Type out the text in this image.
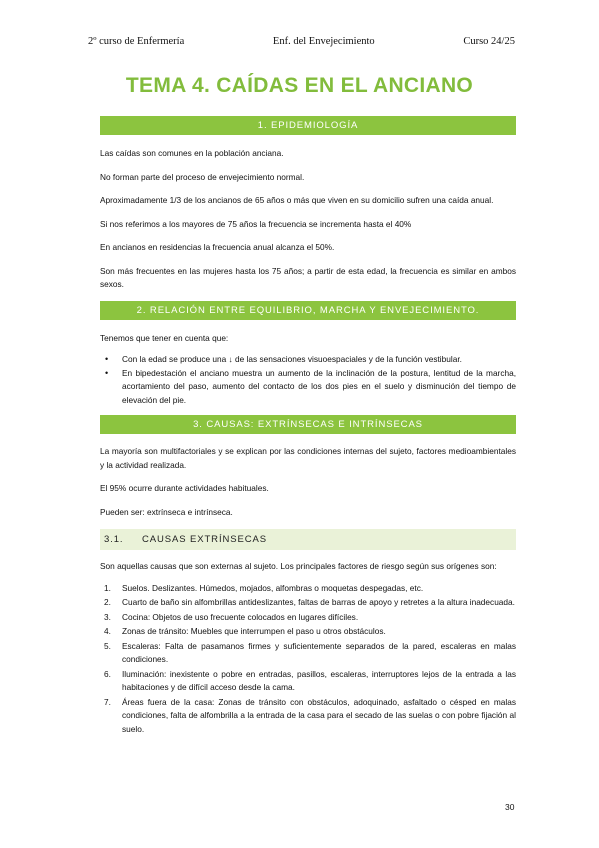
2º curso de Enfermería	Enf. del Envejecimiento	Curso 24/25
TEMA 4. CAÍDAS EN EL ANCIANO
1. EPIDEMIOLOGÍA

Las caídas son comunes en la población anciana.

No forman parte del proceso de envejecimiento normal.

Aproximadamente 1/3 de los ancianos de 65 años o más que viven en su domicilio sufren una caída anual.

Si nos referimos a los mayores de 75 años la frecuencia se incrementa hasta el 40%

En ancianos en residencias la frecuencia anual alcanza el 50%.

Son más frecuentes en las mujeres hasta los 75 años; a partir de esta edad, la frecuencia es similar en ambos sexos.

2. RELACIÓN ENTRE EQUILIBRIO, MARCHA Y ENVEJECIMIENTO.

Tenemos que tener en cuenta que:

• Con la edad se produce una ↓ de las sensaciones visuoespaciales y de la función vestibular.
• En bipedestación el anciano muestra un aumento de la inclinación de la postura, lentitud de la marcha, acortamiento del paso, aumento del contacto de los dos pies en el suelo y disminución del tiempo de elevación del pie.
3. CAUSAS: EXTRÍNSECAS E INTRÍNSECAS

La mayoría son multifactoriales y se explican por las condiciones internas del sujeto, factores medioambientales y la actividad realizada.

El 95% ocurre durante actividades habituales.

Pueden ser: extrínseca e intrínseca.

3.1. CAUSAS EXTRÍNSECAS

Son aquellas causas que son externas al sujeto. Los principales factores de riesgo según sus orígenes son:

1. Suelos. Deslizantes. Húmedos, mojados, alfombras o moquetas despegadas, etc.
2. Cuarto de baño sin alfombrillas antideslizantes, faltas de barras de apoyo y retretes a la altura inadecuada.
3. Cocina: Objetos de uso frecuente colocados en lugares difíciles.
4. Zonas de tránsito: Muebles que interrumpen el paso u otros obstáculos.
5. Escaleras: Falta de pasamanos firmes y suficientemente separados de la pared, escaleras en malas condiciones.
6. Iluminación: inexistente o pobre en entradas, pasillos, escaleras, interruptores lejos de la entrada a las habitaciones y de difícil acceso desde la cama.
7. Áreas fuera de la casa: Zonas de tránsito con obstáculos, adoquinado, asfaltado o césped en malas condiciones, falta de alfombrilla a la entrada de la casa para el secado de las suelas o con pobre fijación al suelo.
30
